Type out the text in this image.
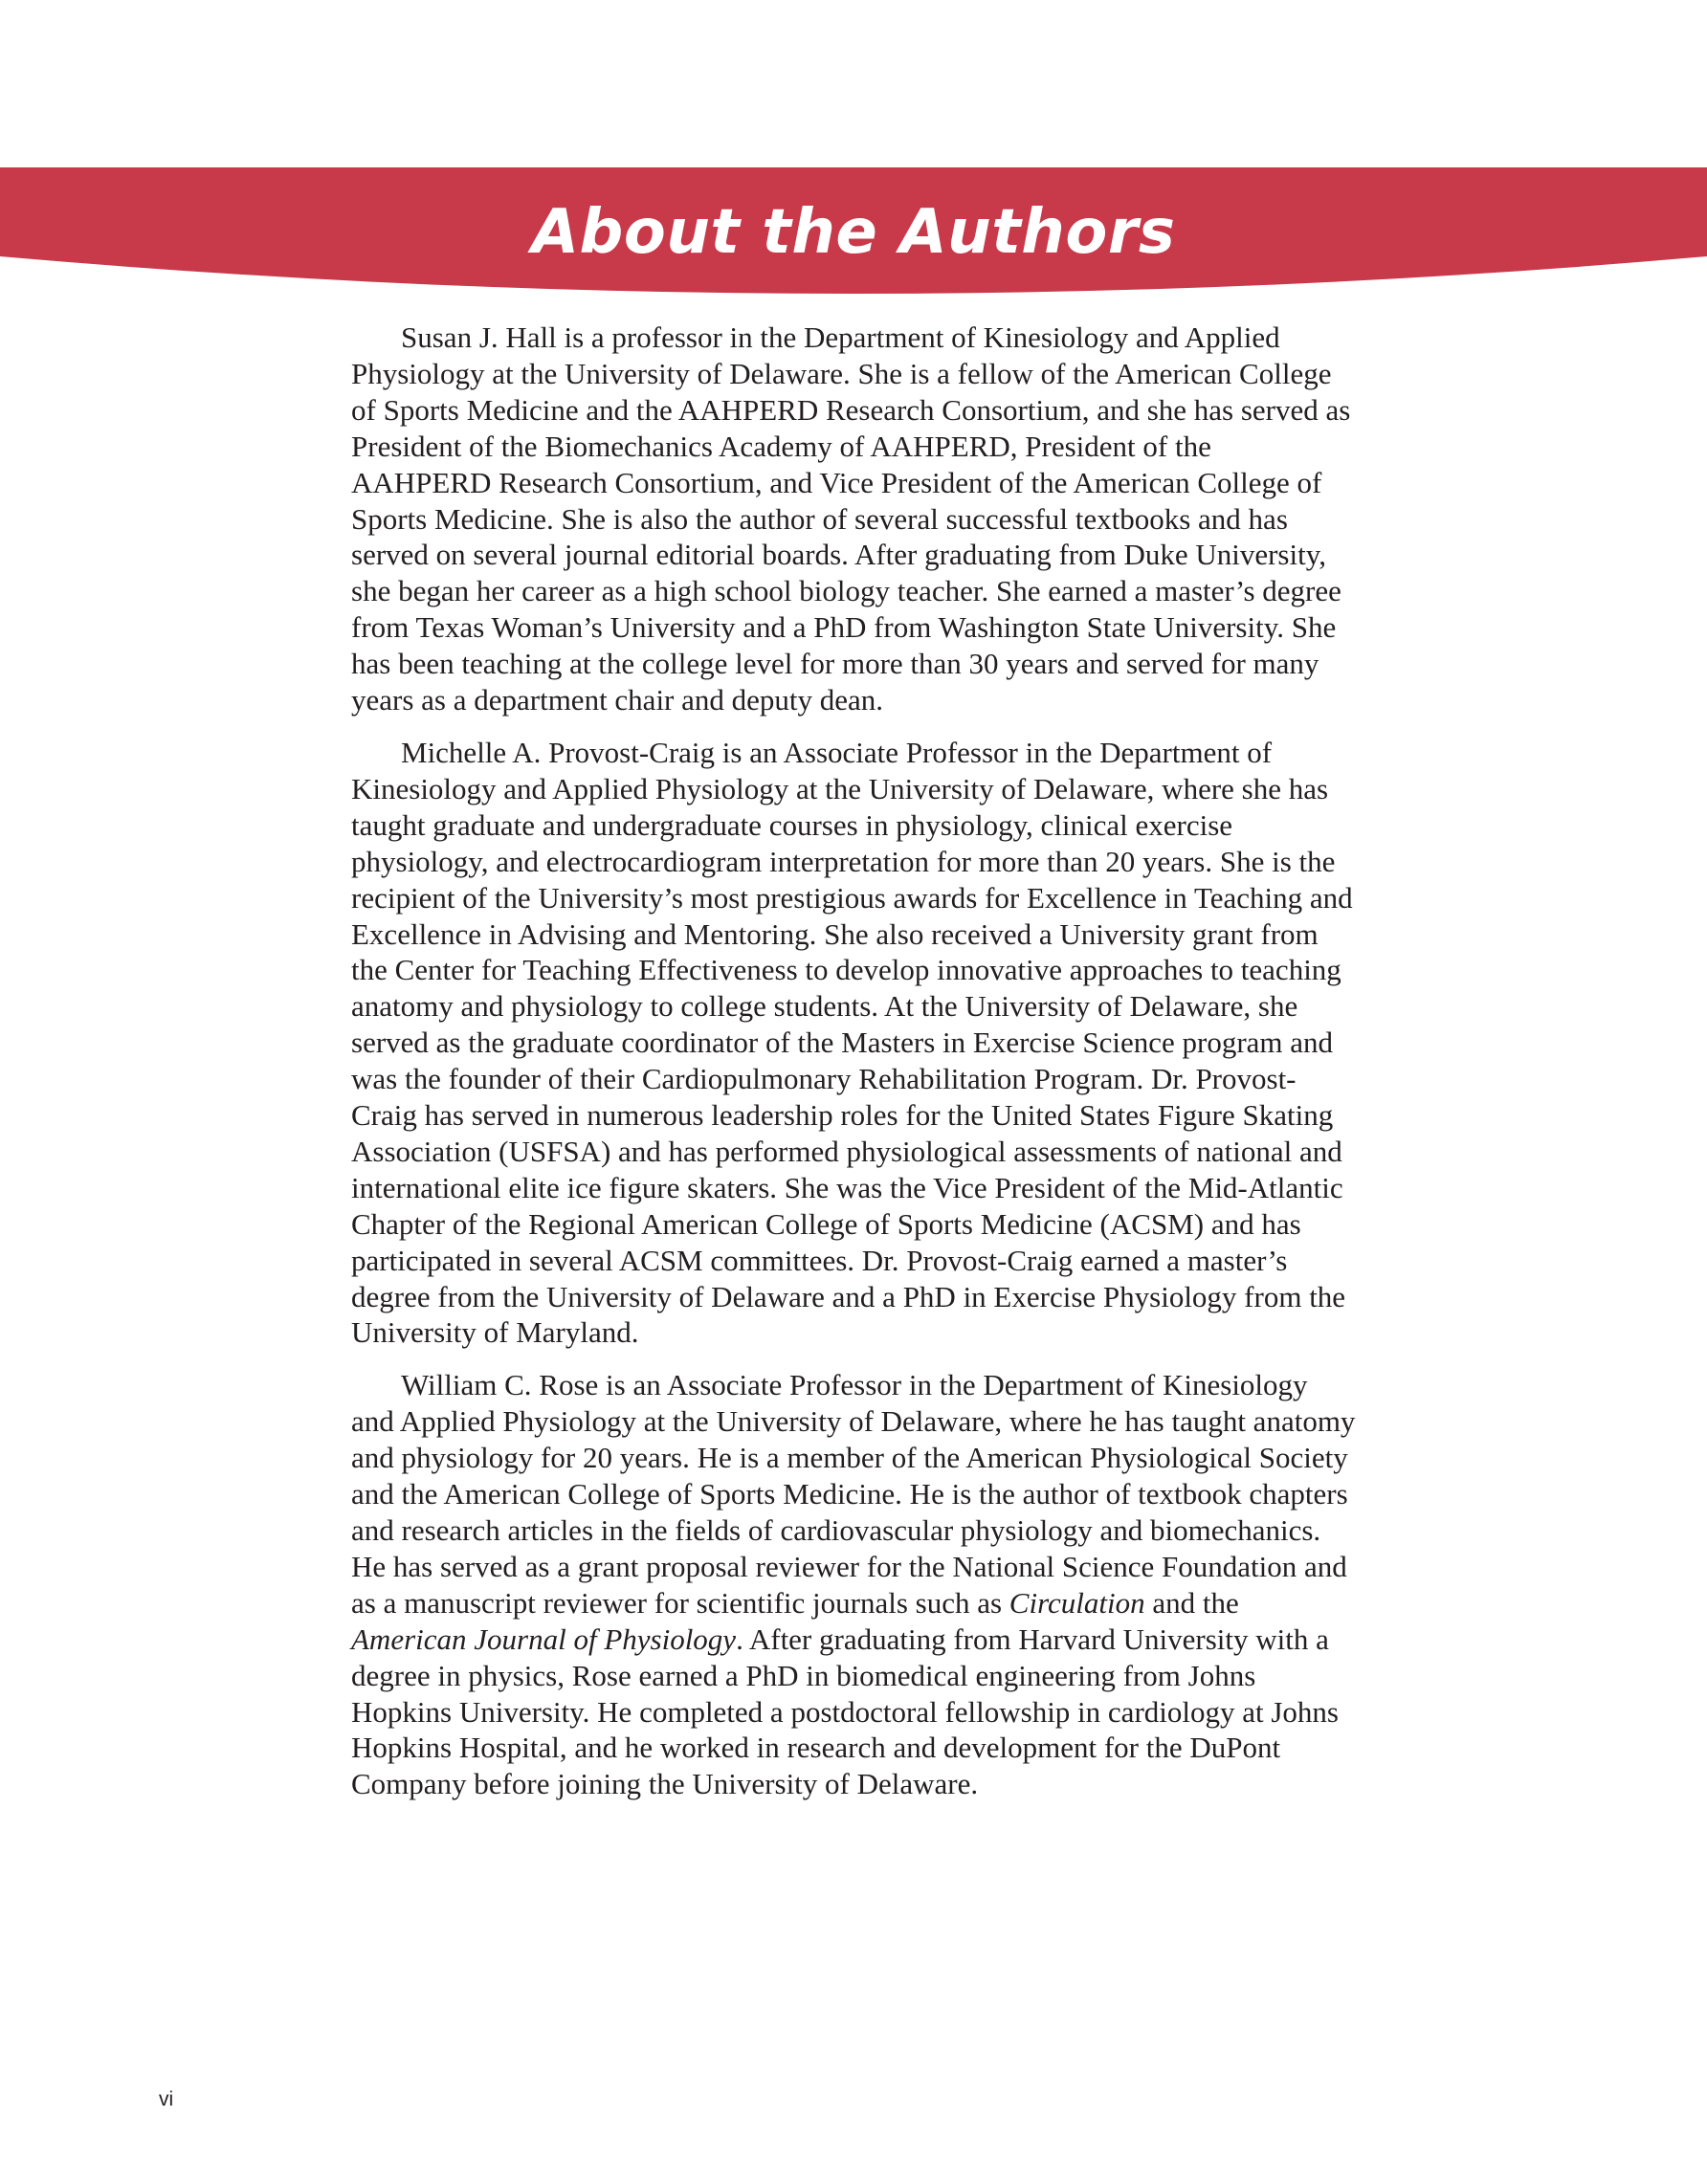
About the Authors

Susan J. Hall is a professor in the Department of Kinesiology and Applied Physiology at the University of Delaware. She is a fellow of the American College of Sports Medicine and the AAHPERD Research Consortium, and she has served as President of the Biomechanics Academy of AAHPERD, President of the AAHPERD Research Consortium, and Vice President of the American College of Sports Medicine. She is also the author of several successful textbooks and has served on several journal editorial boards. After graduating from Duke University, she began her career as a high school biology teacher. She earned a master’s degree from Texas Woman’s University and a PhD from Washington State University. She has been teaching at the college level for more than 30 years and served for many years as a department chair and deputy dean.

Michelle A. Provost-Craig is an Associate Professor in the Department of Kinesiology and Applied Physiology at the University of Delaware, where she has taught graduate and undergraduate courses in physiology, clinical exercise physiology, and electrocardiogram interpretation for more than 20 years. She is the recipient of the University’s most prestigious awards for Excellence in Teaching and Excellence in Advising and Mentoring. She also received a University grant from the Center for Teaching Effectiveness to develop innovative approaches to teaching anatomy and physiology to college students. At the University of Delaware, she served as the graduate coordinator of the Masters in Exercise Science program and was the founder of their Cardiopulmonary Rehabilitation Program. Dr. Provost-Craig has served in numerous leadership roles for the United States Figure Skating Association (USFSA) and has performed physiological assessments of national and international elite ice figure skaters. She was the Vice President of the Mid-Atlantic Chapter of the Regional American College of Sports Medicine (ACSM) and has participated in several ACSM committees. Dr. Provost-Craig earned a master’s degree from the University of Delaware and a PhD in Exercise Physiology from the University of Maryland.

William C. Rose is an Associate Professor in the Department of Kinesiology and Applied Physiology at the University of Delaware, where he has taught anatomy and physiology for 20 years. He is a member of the American Physiological Society and the American College of Sports Medicine. He is the author of textbook chapters and research articles in the fields of cardiovascular physiology and biomechanics. He has served as a grant proposal reviewer for the National Science Foundation and as a manuscript reviewer for scientific journals such as Circulation and the American Journal of Physiology. After graduating from Harvard University with a degree in physics, Rose earned a PhD in biomedical engineering from Johns Hopkins University. He completed a postdoctoral fellowship in cardiology at Johns Hopkins Hospital, and he worked in research and development for the DuPont Company before joining the University of Delaware.

vi
